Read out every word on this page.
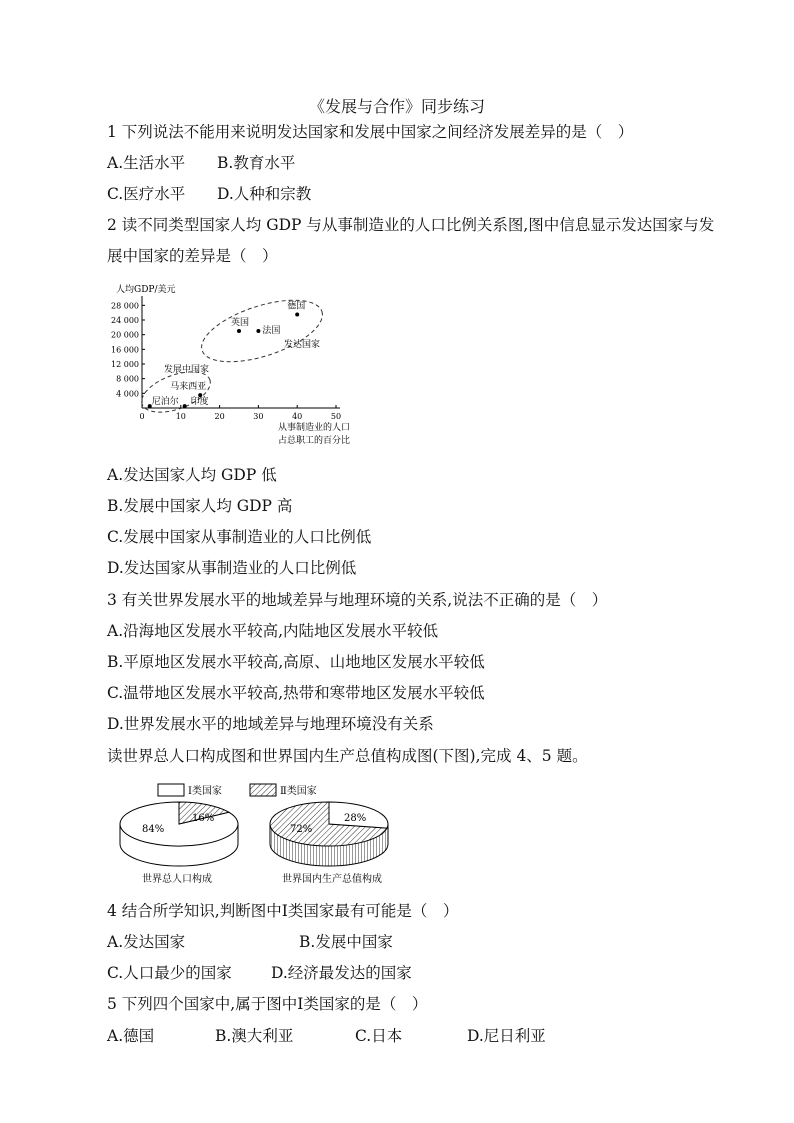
《发展与合作》同步练习
1 下列说法不能用来说明发达国家和发展中国家之间经济发展差异的是（　）
A.生活水平 B.教育水平
C.医疗水平 D.人种和宗教
2 读不同类型国家人均 GDP 与从事制造业的人口比例关系图,图中信息显示发达国家与发
展中国家的差异是（　）
人均GDP/美元
4 000
8 000
12 000
16 000
20 000
24 000
28 000
0	10	20	30	40	50
德国
英国
法国
马来西亚
尼泊尔 印度
发达国家
发展中国家
从事制造业的人口
占总职工的百分比
A.发达国家人均 GDP 低
B.发展中国家人均 GDP 高
C.发展中国家从事制造业的人口比例低
D.发达国家从事制造业的人口比例低
3 有关世界发展水平的地域差异与地理环境的关系,说法不正确的是（　）
A.沿海地区发展水平较高,内陆地区发展水平较低
B.平原地区发展水平较高,高原、山地地区发展水平较低
C.温带地区发展水平较高,热带和寒带地区发展水平较低
D.世界发展水平的地域差异与地理环境没有关系
读世界总人口构成图和世界国内生产总值构成图(下图),完成 4、5 题。
Ⅰ类国家	Ⅱ类国家
84%
16%
世界总人口构成
72%
28%
世界国内生产总值构成
4 结合所学知识,判断图中Ⅰ类国家最有可能是（　）
A.发达国家	B.发展中国家
C.人口最少的国家	D.经济最发达的国家
5 下列四个国家中,属于图中Ⅰ类国家的是（　）
A.德国	B.澳大利亚	C.日本	D.尼日利亚
